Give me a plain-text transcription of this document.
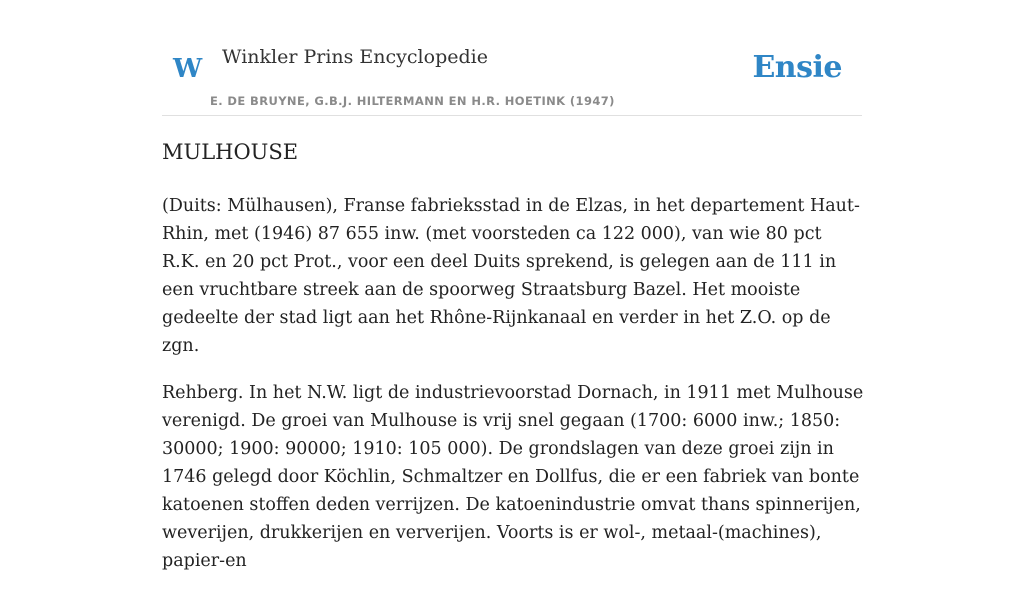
W Winkler Prins Encyclopedie
E. DE BRUYNE, G.B.J. HILTERMANN EN H.R. HOETINK (1947)
Ensie
MULHOUSE

(Duits: Mülhausen), Franse fabrieksstad in de Elzas, in het departement Haut-Rhin, met (1946) 87 655 inw. (met voorsteden ca 122 000), van wie 80 pct R.K. en 20 pct Prot., voor een deel Duits sprekend, is gelegen aan de 111 in een vruchtbare streek aan de spoorweg Straatsburg Bazel. Het mooiste gedeelte der stad ligt aan het Rhône-Rijnkanaal en verder in het Z.O. op de zgn.

Rehberg. In het N.W. ligt de industrievoorstad Dornach, in 1911 met Mulhouse verenigd. De groei van Mulhouse is vrij snel gegaan (1700: 6000 inw.; 1850: 30000; 1900: 90000; 1910: 105 000). De grondslagen van deze groei zijn in 1746 gelegd door Köchlin, Schmaltzer en Dollfus, die er een fabriek van bonte katoenen stoffen deden verrijzen. De katoenindustrie omvat thans spinnerijen, weverijen, drukkerijen en ververijen. Voorts is er wol-, metaal-(machines), papier-en
